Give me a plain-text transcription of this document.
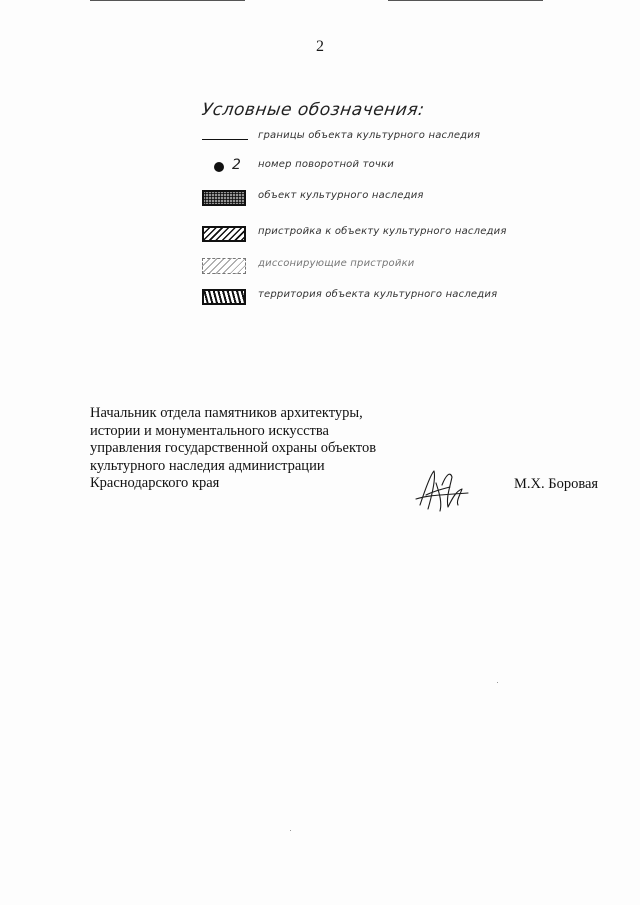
2
Условные обозначения:
границы объекта культурного наследия
2 номер поворотной точки
объект культурного наследия
пристройка к объекту культурного наследия
диссонирующие пристройки
территория объекта культурного наследия
Начальник отдела памятников архитектуры,
истории и монументального искусства
управления государственной охраны объектов
культурного наследия администрации
Краснодарского края	М.Х. Боровая
